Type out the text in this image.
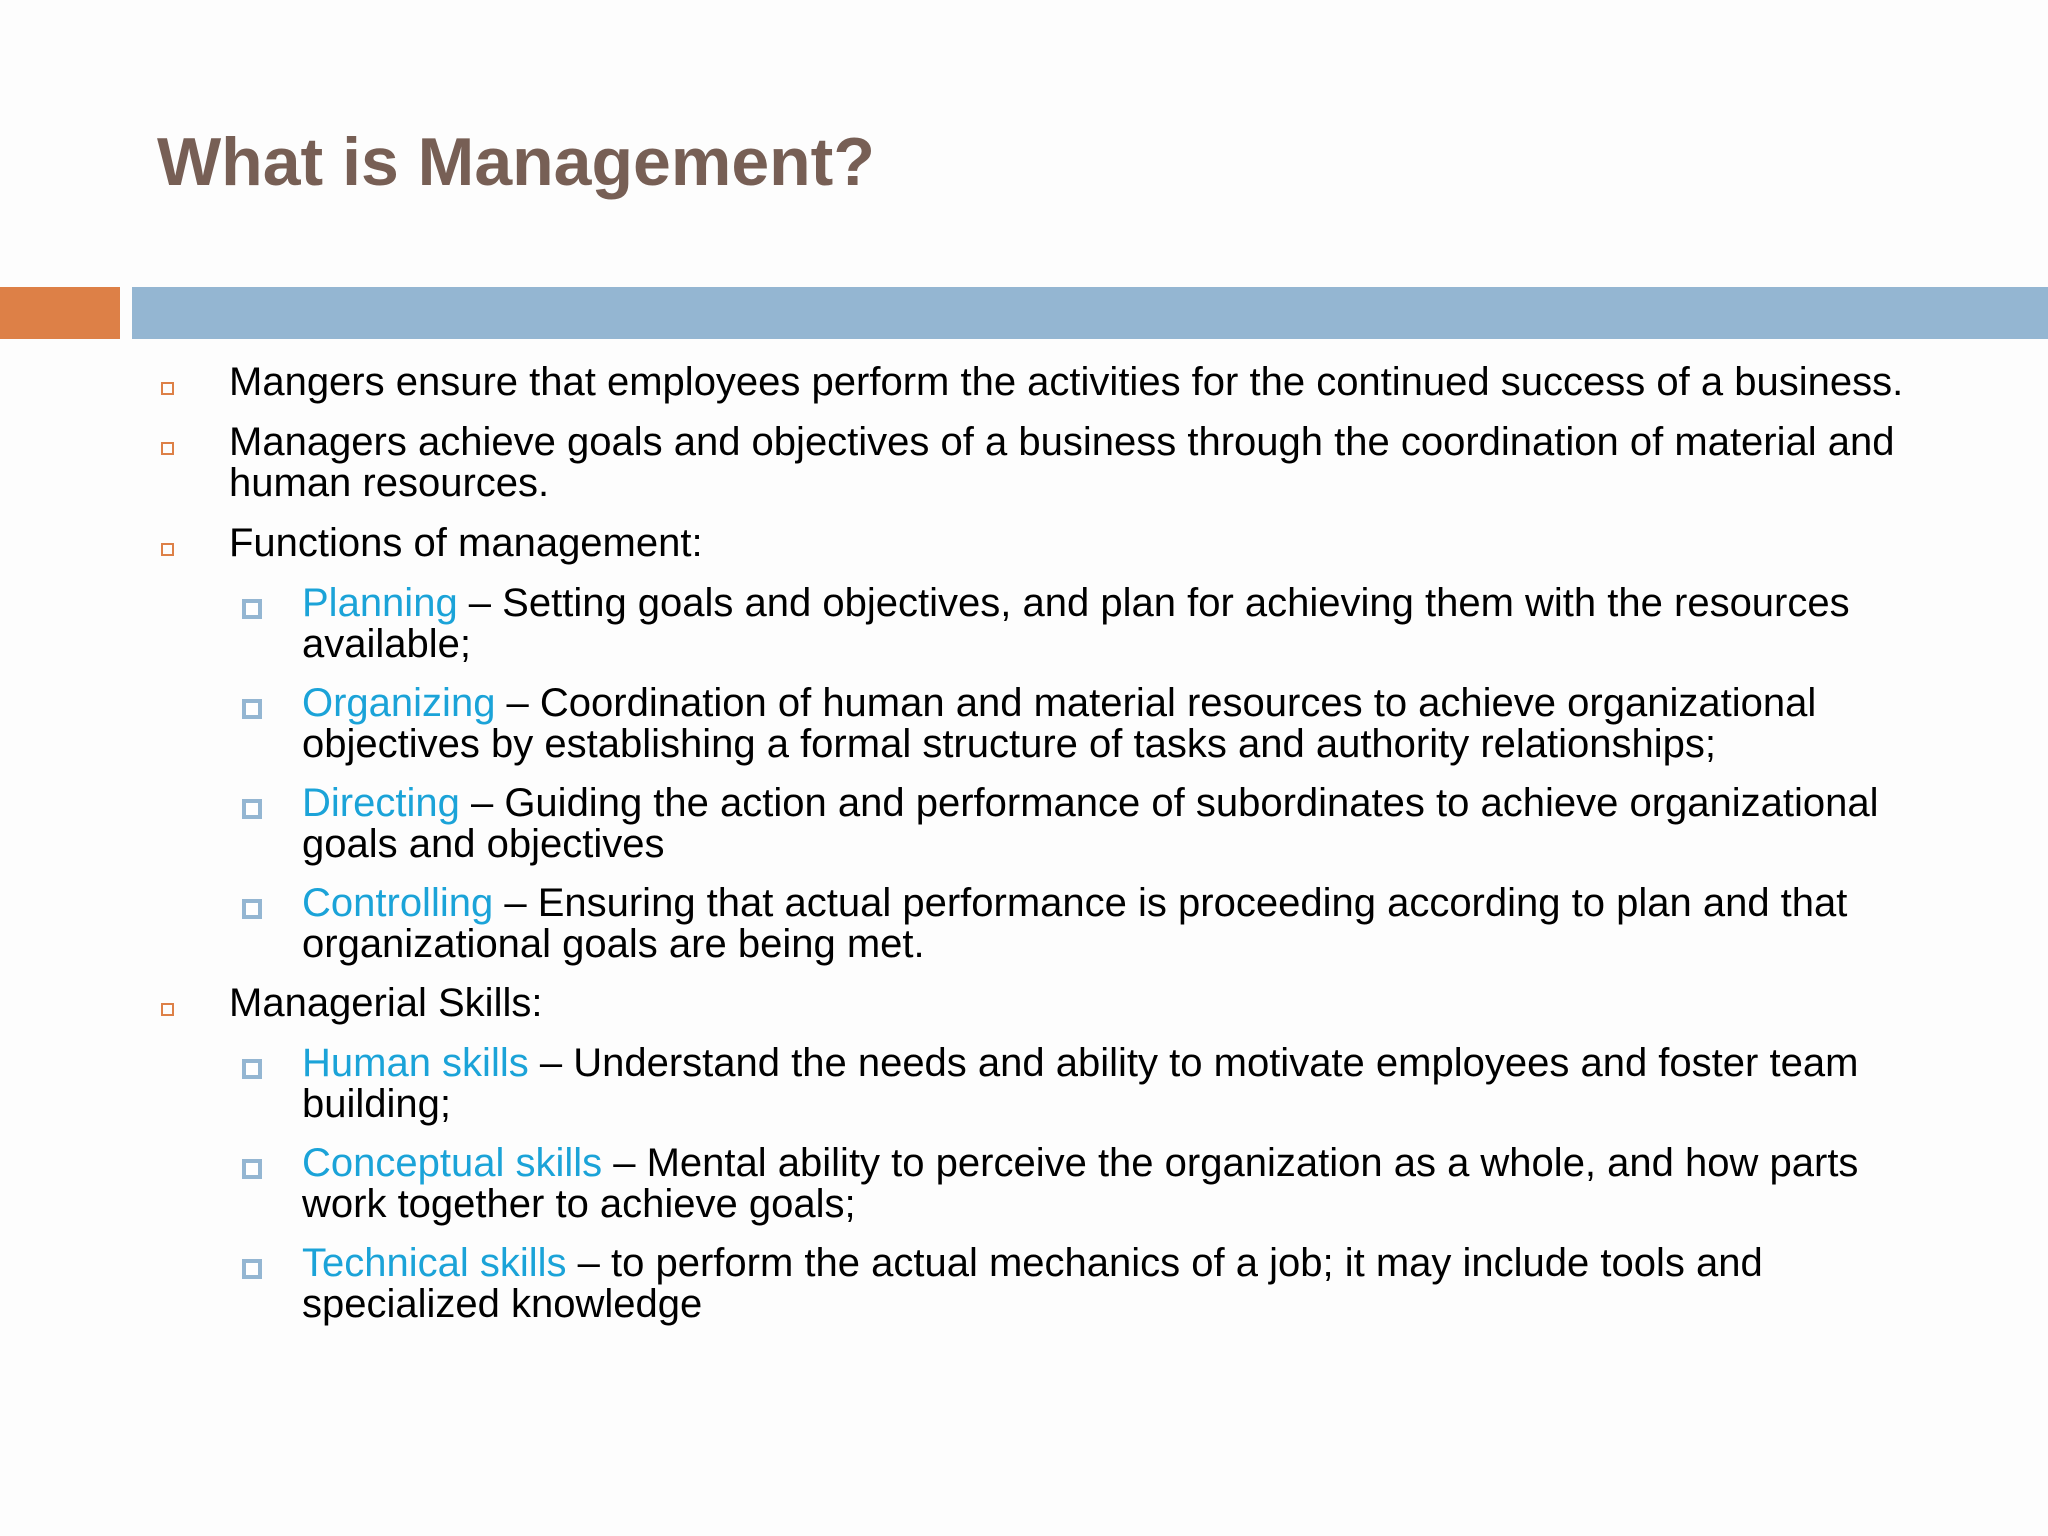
What is Management?
Mangers ensure that employees perform the activities for the continued success of a business.
Managers achieve goals and objectives of a business through the coordination of material and human resources.
Functions of management:
Planning – Setting goals and objectives, and plan for achieving them with the resources available;
Organizing – Coordination of human and material resources to achieve organizational objectives by establishing a formal structure of tasks and authority relationships;
Directing – Guiding the action and performance of subordinates to achieve organizational goals and objectives
Controlling – Ensuring that actual performance is proceeding according to plan and that organizational goals are being met.
Managerial Skills:
Human skills – Understand the needs and ability to motivate employees and foster team building;
Conceptual skills – Mental ability to perceive the organization as a whole, and how parts work together to achieve goals;
Technical skills – to perform the actual mechanics of a job; it may include tools and specialized knowledge
